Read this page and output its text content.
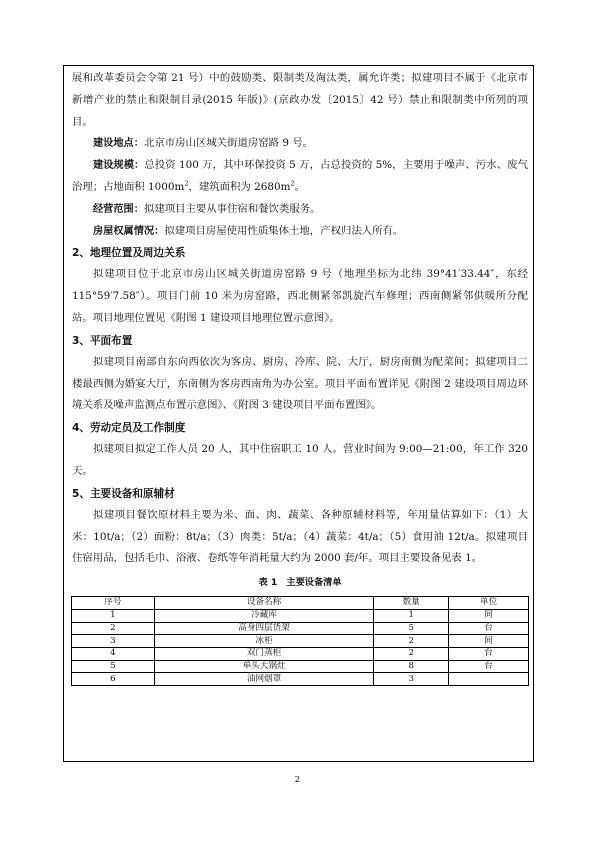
展和改革委员会令第 21 号）中的鼓励类、限制类及淘汰类，属允许类；拟建项目不属于《北京市新增产业的禁止和限制目录(2015 年版)》(京政办发〔2015〕42 号）禁止和限制类中所列的项目。

建设地点：北京市房山区城关街道房窑路 9 号。

建设规模：总投资 100 万，其中环保投资 5 万，占总投资的 5%，主要用于噪声、污水、废气治理；占地面积 $1000m^2$，建筑面积为 $2680m^2$。

经营范围：拟建项目主要从事住宿和餐饮类服务。

房屋权属情况：拟建项目房屋使用性质集体土地，产权归法人所有。

2、地理位置及周边关系

拟建项目位于北京市房山区城关街道房窑路 9 号（地理坐标为北纬 39°41′33.44″，东经 115°59′7.58″）。项目门前 10 米为房窑路，西北侧紧邻凯旋汽车修理；西南侧紧邻供暖所分配站。项目地理位置见《附图 1 建设项目地理位置示意图》。

3、平面布置

拟建项目南部自东向西依次为客房、厨房、冷库、院、大厅，厨房南侧为配菜间；拟建项目二楼最西侧为婚宴大厅，东南侧为客房西南角为办公室。项目平面布置详见《附图 2 建设项目周边环境关系及噪声监测点布置示意图》、《附图 3 建设项目平面布置图》。

4、劳动定员及工作制度

拟建项目拟定工作人员 20 人，其中住宿职工 10 人。营业时间为 9:00—21:00，年工作 320 天。

5、主要设备和原辅材

拟建项目餐饮原材料主要为米、面、肉、蔬菜、各种原辅材料等，年用量估算如下：（1）大米：10t/a；（2）面粉：8t/a；（3）肉类：5t/a；（4）蔬菜：4t/a；（5）食用油 12t/a。拟建项目住宿用品，包括毛巾、浴液、卷纸等年消耗量大约为 2000 套/年。项目主要设备见表 1。

表 1　主要设备清单
序号	设备名称	数量	单位
1	冷藏库	1	间
2	高身四层货架	5	台
3	冰柜	2	间
4	双门蒸柜	2	台
5	单头大锅灶	8	台
6	油网烟罩	3	
2
